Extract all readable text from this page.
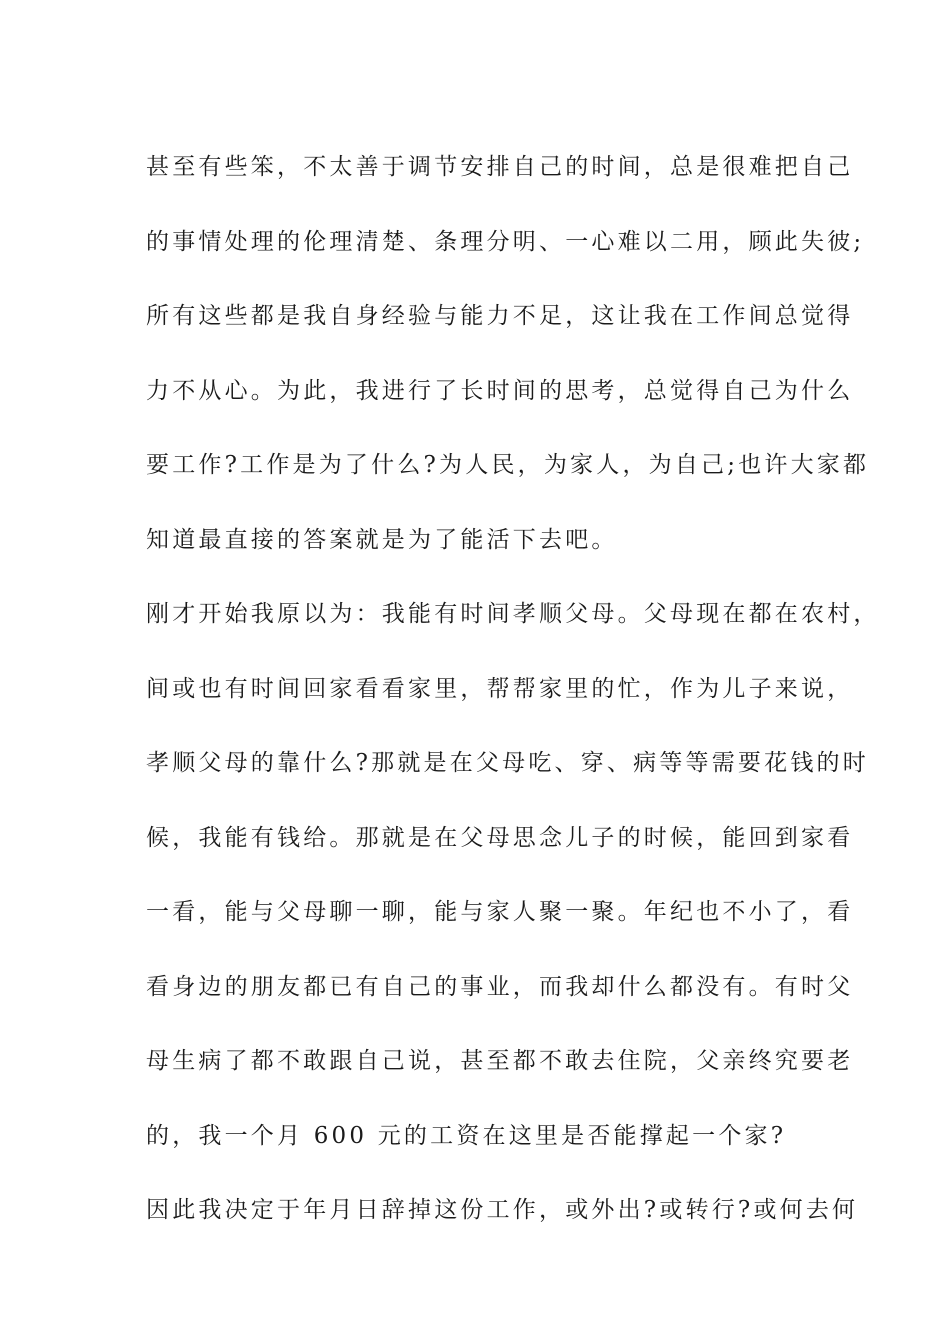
甚至有些笨，不太善于调节安排自己的时间，总是很难把自己

的事情处理的伦理清楚、条理分明、一心难以二用，顾此失彼;

所有这些都是我自身经验与能力不足，这让我在工作间总觉得

力不从心。为此，我进行了长时间的思考，总觉得自己为什么

要工作?工作是为了什么?为人民，为家人，为自己;也许大家都

知道最直接的答案就是为了能活下去吧。

刚才开始我原以为：我能有时间孝顺父母。父母现在都在农村，

间或也有时间回家看看家里，帮帮家里的忙，作为儿子来说，

孝顺父母的靠什么?那就是在父母吃、穿、病等等需要花钱的时

候，我能有钱给。那就是在父母思念儿子的时候，能回到家看

一看，能与父母聊一聊，能与家人聚一聚。年纪也不小了，看

看身边的朋友都已有自己的事业，而我却什么都没有。有时父

母生病了都不敢跟自己说，甚至都不敢去住院，父亲终究要老

的，我一个月 600 元的工资在这里是否能撑起一个家?

因此我决定于年月日辞掉这份工作，或外出?或转行?或何去何
